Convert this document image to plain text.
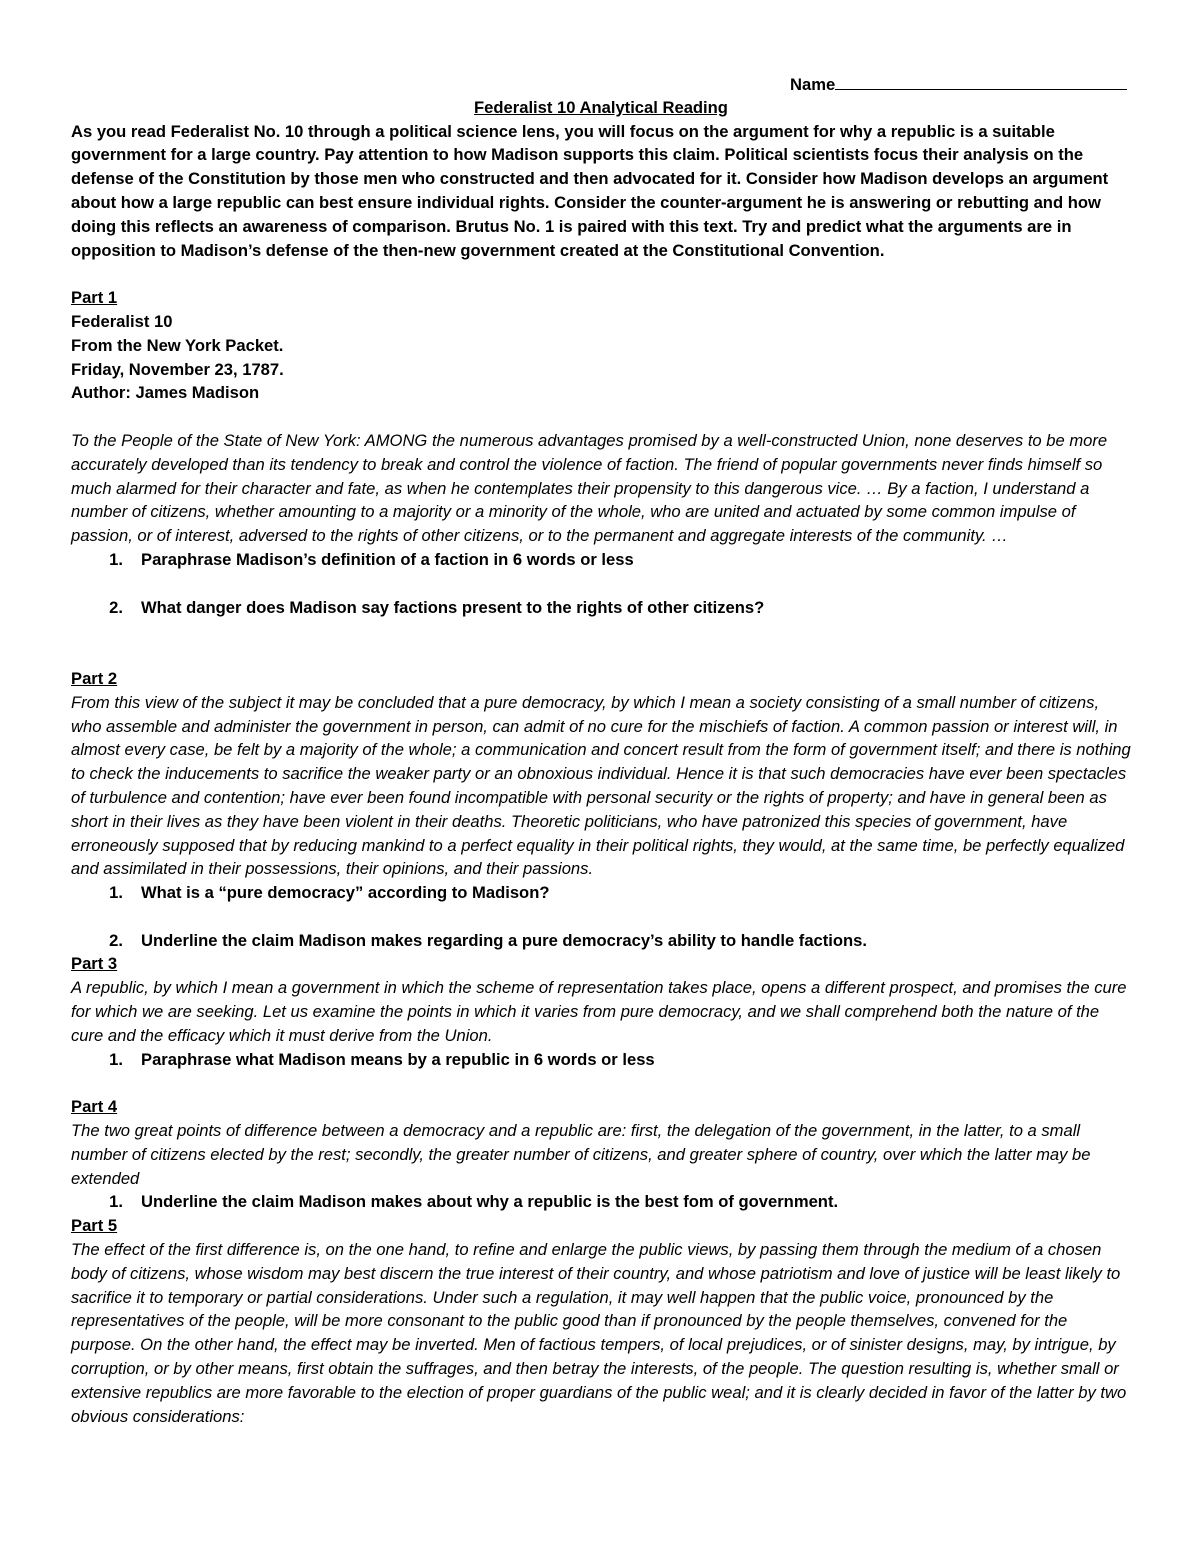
Name

Federalist 10 Analytical Reading

As you read Federalist No. 10 through a political science lens, you will focus on the argument for why a republic is a suitable government for a large country. Pay attention to how Madison supports this claim. Political scientists focus their analysis on the defense of the Constitution by those men who constructed and then advocated for it. Consider how Madison develops an argument about how a large republic can best ensure individual rights. Consider the counter-argument he is answering or rebutting and how doing this reflects an awareness of comparison. Brutus No. 1 is paired with this text. Try and predict what the arguments are in opposition to Madison’s defense of the then-new government created at the Constitutional Convention.

Part 1

Federalist 10

From the New York Packet.

Friday, November 23, 1787.

Author: James Madison

To the People of the State of New York: AMONG the numerous advantages promised by a well-constructed Union, none deserves to be more accurately developed than its tendency to break and control the violence of faction. The friend of popular governments never finds himself so much alarmed for their character and fate, as when he contemplates their propensity to this dangerous vice. … By a faction, I understand a number of citizens, whether amounting to a majority or a minority of the whole, who are united and actuated by some common impulse of passion, or of interest, adversed to the rights of other citizens, or to the permanent and aggregate interests of the community. …

1.	Paraphrase Madison’s definition of a faction in 6 words or less
2.	What danger does Madison say factions present to the rights of other citizens?

Part 2

From this view of the subject it may be concluded that a pure democracy, by which I mean a society consisting of a small number of citizens, who assemble and administer the government in person, can admit of no cure for the mischiefs of faction. A common passion or interest will, in almost every case, be felt by a majority of the whole; a communication and concert result from the form of government itself; and there is nothing to check the inducements to sacrifice the weaker party or an obnoxious individual. Hence it is that such democracies have ever been spectacles of turbulence and contention; have ever been found incompatible with personal security or the rights of property; and have in general been as short in their lives as they have been violent in their deaths. Theoretic politicians, who have patronized this species of government, have erroneously supposed that by reducing mankind to a perfect equality in their political rights, they would, at the same time, be perfectly equalized and assimilated in their possessions, their opinions, and their passions.

1.	What is a “pure democracy” according to Madison?
2.	Underline the claim Madison makes regarding a pure democracy’s ability to handle factions.

Part 3

A republic, by which I mean a government in which the scheme of representation takes place, opens a different prospect, and promises the cure for which we are seeking. Let us examine the points in which it varies from pure democracy, and we shall comprehend both the nature of the cure and the efficacy which it must derive from the Union.

1.	Paraphrase what Madison means by a republic in 6 words or less

Part 4

The two great points of difference between a democracy and a republic are: first, the delegation of the government, in the latter, to a small number of citizens elected by the rest; secondly, the greater number of citizens, and greater sphere of country, over which the latter may be extended

1.	Underline the claim Madison makes about why a republic is the best fom of government.

Part 5

The effect of the first difference is, on the one hand, to refine and enlarge the public views, by passing them through the medium of a chosen body of citizens, whose wisdom may best discern the true interest of their country, and whose patriotism and love of justice will be least likely to sacrifice it to temporary or partial considerations. Under such a regulation, it may well happen that the public voice, pronounced by the representatives of the people, will be more consonant to the public good than if pronounced by the people themselves, convened for the purpose. On the other hand, the effect may be inverted. Men of factious tempers, of local prejudices, or of sinister designs, may, by intrigue, by corruption, or by other means, first obtain the suffrages, and then betray the interests, of the people. The question resulting is, whether small or extensive republics are more favorable to the election of proper guardians of the public weal; and it is clearly decided in favor of the latter by two obvious considerations:
